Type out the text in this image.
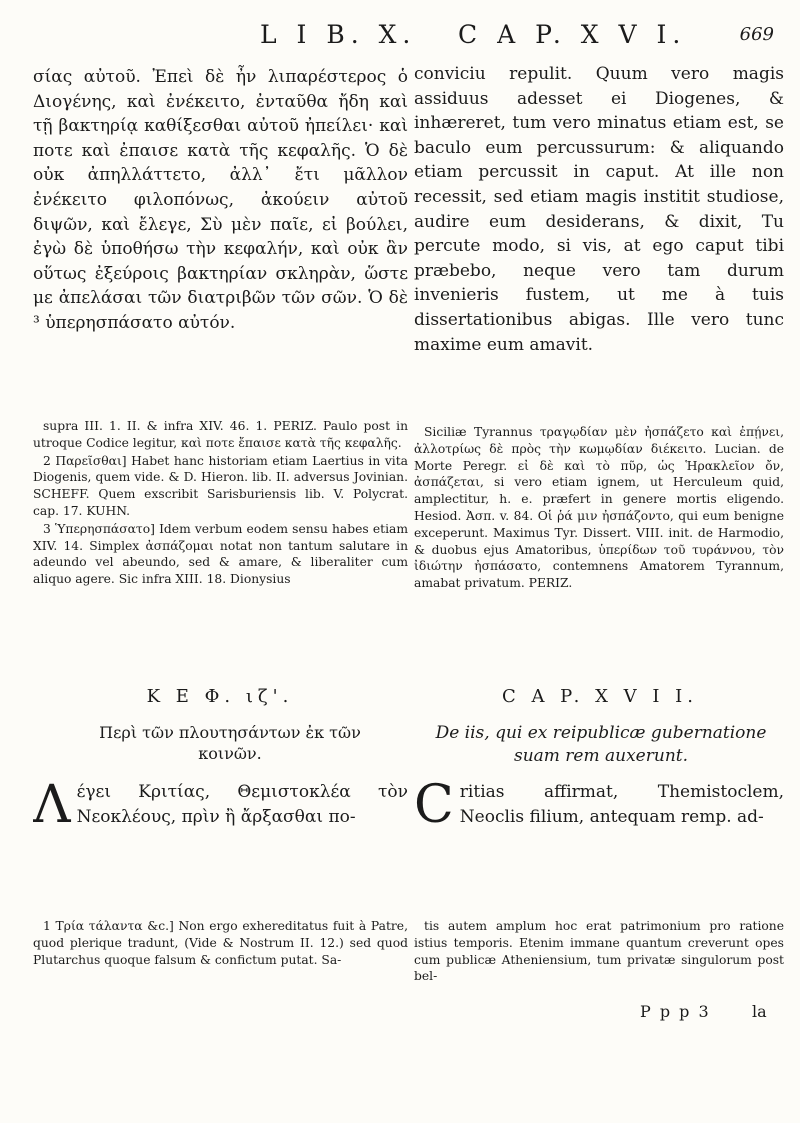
L I B. X. C A P. X V I.	669

σίας αὐτοῦ. Ἐπεὶ δὲ ἦν λιπαρέστερος ὁ Διογένης, καὶ ἐνέκειτο, ἐνταῦθα ἤδη καὶ τῇ βακτηρίᾳ καθίξεσθαι αὐτοῦ ἠπείλει· καὶ ποτε καὶ ἐπαισε κατὰ τῆς κεφαλῆς. Ὁ δὲ οὐκ ἀπηλλάττετο, ἀλλ᾽ ἔτι μᾶλλον ἐνέκειτο φιλοπόνως, ἀκούειν αὐτοῦ διψῶν, καὶ ἔλεγε, Σὺ μὲν παῖε, εἰ βούλει, ἐγὼ δὲ ὑποθήσω τὴν κεφαλήν, καὶ οὐκ ἂν οὕτως ἐξεύροις βακτηρίαν σκληρὰν, ὥστε με ἀπελάσαι τῶν διατριβῶν τῶν σῶν. Ὁ δὲ ³ ὑπερησπάσατο αὐτόν.

conviciu repulit. Quum vero magis assiduus adesset ei Diogenes, & inhæreret, tum vero minatus etiam est, se baculo eum percussurum: & aliquando etiam percussit in caput. At ille non recessit, sed etiam magis institit studiose, audire eum desiderans, & dixit, Tu percute modo, si vis, at ego caput tibi præbebo, neque vero tam durum invenieris fustem, ut me à tuis dissertationibus abigas. Ille vero tunc maxime eum amavit.

supra III. 1. II. & infra XIV. 46. 1. PERIZ. Paulo post in utroque Codice legitur, καὶ ποτε ἔπαισε κατὰ τῆς κεφαλῆς.

2 Παρεῖσθαι] Habet hanc historiam etiam Laertius in vita Diogenis, quem vide. & D. Hieron. lib. II. adversus Jovinian. SCHEFF. Quem exscribit Sarisburiensis lib. V. Polycrat. cap. 17. KUHN.

3 Ὑπερησπάσατο] Idem verbum eodem sensu habes etiam XIV. 14. Simplex ἀσπάζομαι notat non tantum salutare in adeundo vel abeundo, sed & amare, & liberaliter cum aliquo agere. Sic infra XIII. 18. Dionysius

Siciliæ Tyrannus τραγῳδίαν μὲν ἠσπάζετο καὶ ἐπῄνει, ἀλλοτρίως δὲ πρὸς τὴν κωμῳδίαν διέκειτο. Lucian. de Morte Peregr. εἰ δὲ καὶ τὸ πῦρ, ὡς Ἡρακλεῖον ὄν, ἀσπάζεται, si vero etiam ignem, ut Herculeum quid, amplectitur, h. e. præfert in genere mortis eligendo. Hesiod. Ἀσπ. v. 84. Οἱ ῥά μιν ἠσπάζοντο, qui eum benigne exceperunt. Maximus Tyr. Dissert. VIII. init. de Harmodio, & duobus ejus Amatoribus, ὑπερίδων τοῦ τυράννου, τὸν ἰδιώτην ἠσπάσατο, contemnens Amatorem Tyrannum, amabat privatum. PERIZ.

Κ Ε Φ. ιζ'.	C A P. X V I I.
Περὶ τῶν πλουτησάντων ἐκ τῶν κοινῶν.
De iis, qui ex reipublicæ gubernatione suam rem auxerunt.
Λ έγει Κριτίας, Θεμιστοκλέα τὸν Νεοκλέους, πρὶν ἢ ἄρξασθαι πο-	C ritias affirmat, Themistoclem, Neoclis filium, antequam remp. ad-

1 Τρία τάλαντα &c.] Non ergo exhereditatus fuit à Patre, quod plerique tradunt, (Vide & Nostrum II. 12.) sed quod Plutarchus quoque falsum & confictum putat. Sa-

tis autem amplum hoc erat patrimonium pro ratione istius temporis. Etenim immane quantum creverunt opes cum publicæ Atheniensium, tum privatæ singulorum post bel-

P p p 3	la
